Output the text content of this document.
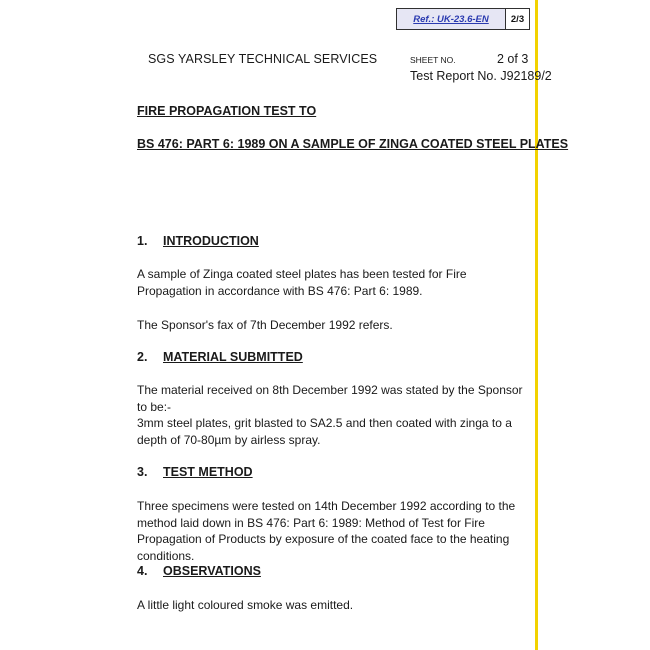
Ref.: UK-23.6-EN 2/3
SGS YARSLEY TECHNICAL SERVICES	SHEET NO.	2 of 3
Test Report No. J92189/2
FIRE PROPAGATION TEST TO
BS 476: PART 6: 1989 ON A SAMPLE OF ZINGA COATED STEEL PLATES
1. INTRODUCTION
A sample of Zinga coated steel plates has been tested for Fire Propagation in accordance with BS 476: Part 6: 1989.
The Sponsor's fax of 7th December 1992 refers.
2. MATERIAL SUBMITTED
The material received on 8th December 1992 was stated by the Sponsor to be:-
3mm steel plates, grit blasted to SA2.5 and then coated with zinga to a depth of 70-80µm by airless spray.
3. TEST METHOD
Three specimens were tested on 14th December 1992 according to the method laid down in BS 476: Part 6: 1989: Method of Test for Fire Propagation of Products by exposure of the coated face to the heating conditions.
4. OBSERVATIONS
A little light coloured smoke was emitted.
